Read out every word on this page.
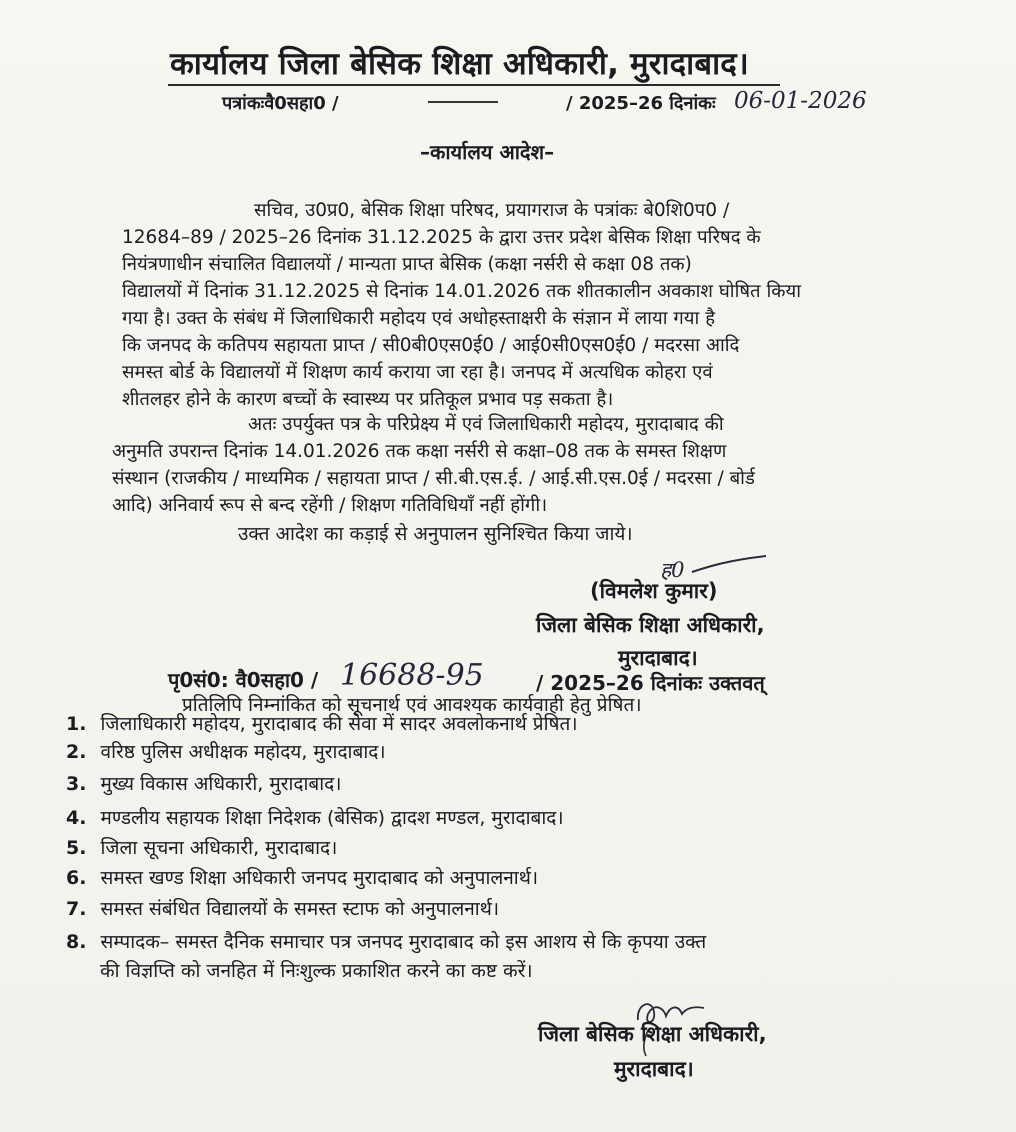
कार्यालय जिला बेसिक शिक्षा अधिकारी, मुरादाबाद।
पत्रांकःवै0सहा0 /	/ 2025–26 दिनांकः 06-01-2026
–कार्यालय आदेश–
सचिव, उ0प्र0, बेसिक शिक्षा परिषद, प्रयागराज के पत्रांकः बे0शि0प0 /
12684–89 / 2025–26 दिनांक 31.12.2025 के द्वारा उत्तर प्रदेश बेसिक शिक्षा परिषद के
नियंत्रणाधीन संचालित विद्यालयों / मान्यता प्राप्त बेसिक (कक्षा नर्सरी से कक्षा 08 तक)
विद्यालयों में दिनांक 31.12.2025 से दिनांक 14.01.2026 तक शीतकालीन अवकाश घोषित किया
गया है। उक्त के संबंध में जिलाधिकारी महोदय एवं अधोहस्ताक्षरी के संज्ञान में लाया गया है
कि जनपद के कतिपय सहायता प्राप्त / सी0बी0एस0ई0 / आई0सी0एस0ई0 / मदरसा आदि
समस्त बोर्ड के विद्यालयों में शिक्षण कार्य कराया जा रहा है। जनपद में अत्यधिक कोहरा एवं
शीतलहर होने के कारण बच्चों के स्वास्थ्य पर प्रतिकूल प्रभाव पड़ सकता है।
अतः उपर्युक्त पत्र के परिप्रेक्ष्य में एवं जिलाधिकारी महोदय, मुरादाबाद की
अनुमति उपरान्त दिनांक 14.01.2026 तक कक्षा नर्सरी से कक्षा–08 तक के समस्त शिक्षण
संस्थान (राजकीय / माध्यमिक / सहायता प्राप्त / सी.बी.एस.ई. / आई.सी.एस.0ई / मदरसा / बोर्ड
आदि) अनिवार्य रूप से बन्द रहेंगी / शिक्षण गतिविधियाँ नहीं होंगी।
उक्त आदेश का कड़ाई से अनुपालन सुनिश्चित किया जाये।
ह0
(विमलेश कुमार)
जिला बेसिक शिक्षा अधिकारी,
मुरादाबाद।
पृ0सं0: वै0सहा0 / 16688-95	/ 2025–26 दिनांकः उक्तवत्
प्रतिलिपि निम्नांकित को सूचनार्थ एवं आवश्यक कार्यवाही हेतु प्रेषित।
1. जिलाधिकारी महोदय, मुरादाबाद की सेवा में सादर अवलोकनार्थ प्रेषित।
2. वरिष्ठ पुलिस अधीक्षक महोदय, मुरादाबाद।
3. मुख्य विकास अधिकारी, मुरादाबाद।
4. मण्डलीय सहायक शिक्षा निदेशक (बेसिक) द्वादश मण्डल, मुरादाबाद।
5. जिला सूचना अधिकारी, मुरादाबाद।
6. समस्त खण्ड शिक्षा अधिकारी जनपद मुरादाबाद को अनुपालनार्थ।
7. समस्त संबंधित विद्यालयों के समस्त स्टाफ को अनुपालनार्थ।
8. सम्पादक– समस्त दैनिक समाचार पत्र जनपद मुरादाबाद को इस आशय से कि कृपया उक्त
की विज्ञप्ति को जनहित में निःशुल्क प्रकाशित करने का कष्ट करें।
जिला बेसिक शिक्षा अधिकारी,
मुरादाबाद।
